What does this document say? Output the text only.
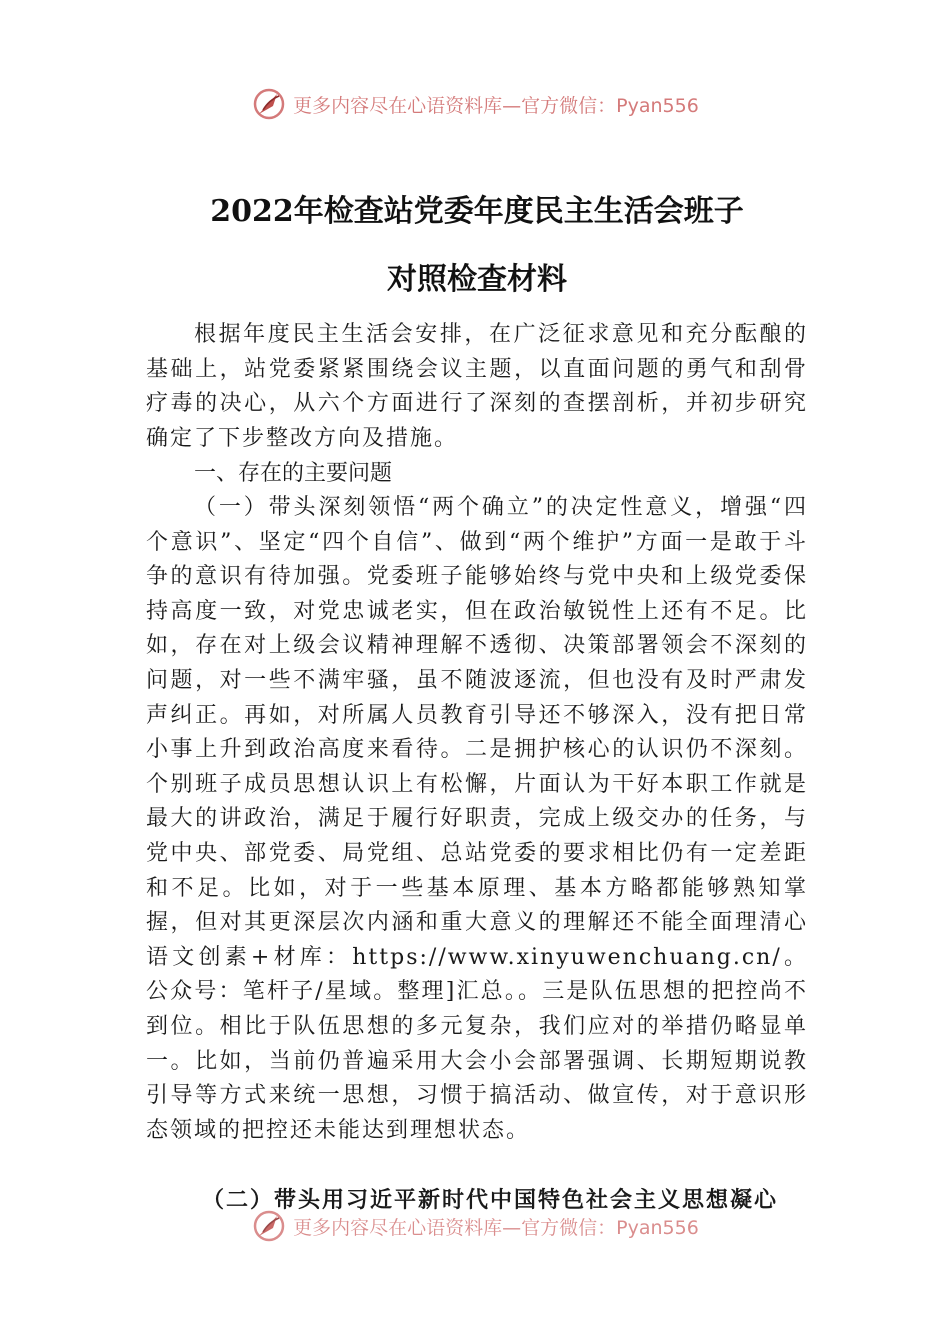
更多内容尽在心语资料库—官方微信：Pyan556
2022年检查站党委年度民主生活会班子
对照检查材料
根据年度民主生活会安排，在广泛征求意见和充分酝酿的基础上，站党委紧紧围绕会议主题，以直面问题的勇气和刮骨疗毒的决心，从六个方面进行了深刻的查摆剖析，并初步研究确定了下步整改方向及措施。
一、存在的主要问题
（一）带头深刻领悟“两个确立”的决定性意义，增强“四个意识”、坚定“四个自信”、做到“两个维护”方面一是敢于斗争的意识有待加强。党委班子能够始终与党中央和上级党委保持高度一致，对党忠诚老实，但在政治敏锐性上还有不足。比如，存在对上级会议精神理解不透彻、决策部署领会不深刻的问题，对一些不满牢骚，虽不随波逐流，但也没有及时严肃发声纠正。再如，对所属人员教育引导还不够深入，没有把日常小事上升到政治高度来看待。二是拥护核心的认识仍不深刻。个别班子成员思想认识上有松懈，片面认为干好本职工作就是最大的讲政治，满足于履行好职责，完成上级交办的任务，与党中央、部党委、局党组、总站党委的要求相比仍有一定差距和不足。比如，对于一些基本原理、基本方略都能够熟知掌握，但对其更深层次内涵和重大意义的理解还不能全面理清心语文创素+材库：https://www.xinyuwenchuang.cn/。公众号：笔杆子/星域。整理]汇总。。三是队伍思想的把控尚不到位。相比于队伍思想的多元复杂，我们应对的举措仍略显单一。比如，当前仍普遍采用大会小会部署强调、长期短期说教引导等方式来统一思想，习惯于搞活动、做宣传，对于意识形态领域的把控还未能达到理想状态。
（二）带头用习近平新时代中国特色社会主义思想凝心
更多内容尽在心语资料库—官方微信：Pyan556
